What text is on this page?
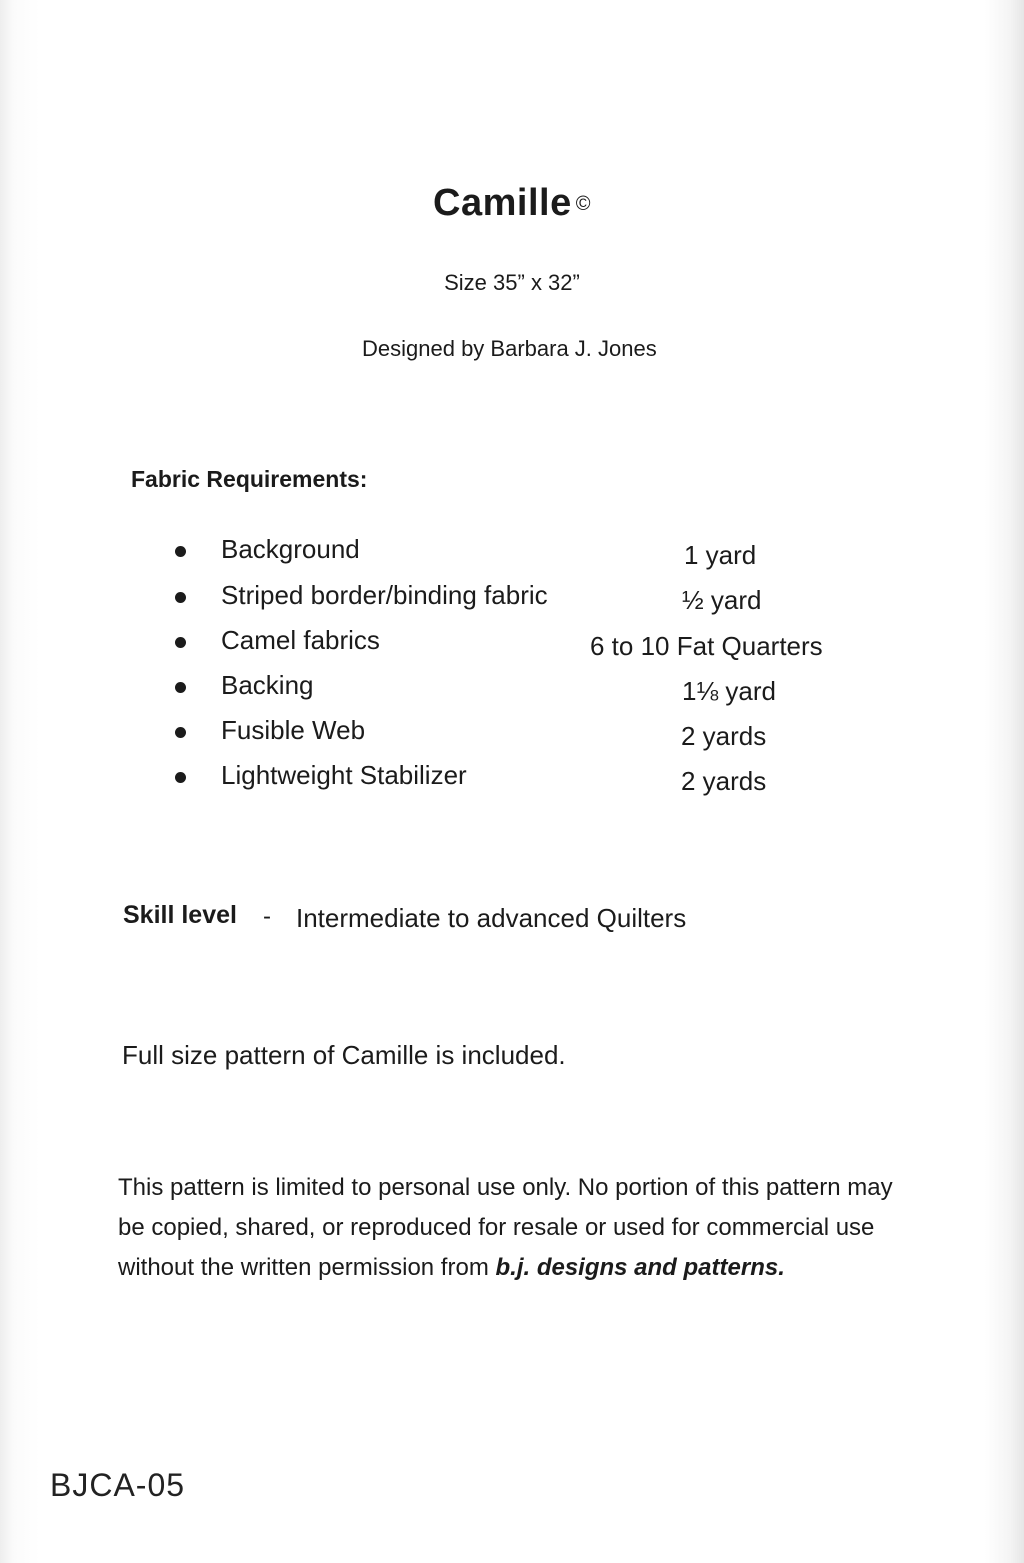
Camille ©
Size 35” x 32”
Designed by Barbara J. Jones
Fabric Requirements:
Background	1 yard
Striped border/binding fabric	½ yard
Camel fabrics	6 to 10 Fat Quarters
Backing	1⅛ yard
Fusible Web	2 yards
Lightweight Stabilizer	2 yards
Skill level - Intermediate to advanced Quilters
Full size pattern of Camille is included.
This pattern is limited to personal use only. No portion of this pattern may be copied, shared, or reproduced for resale or used for commercial use without the written permission from b.j. designs and patterns.
BJCA-05
